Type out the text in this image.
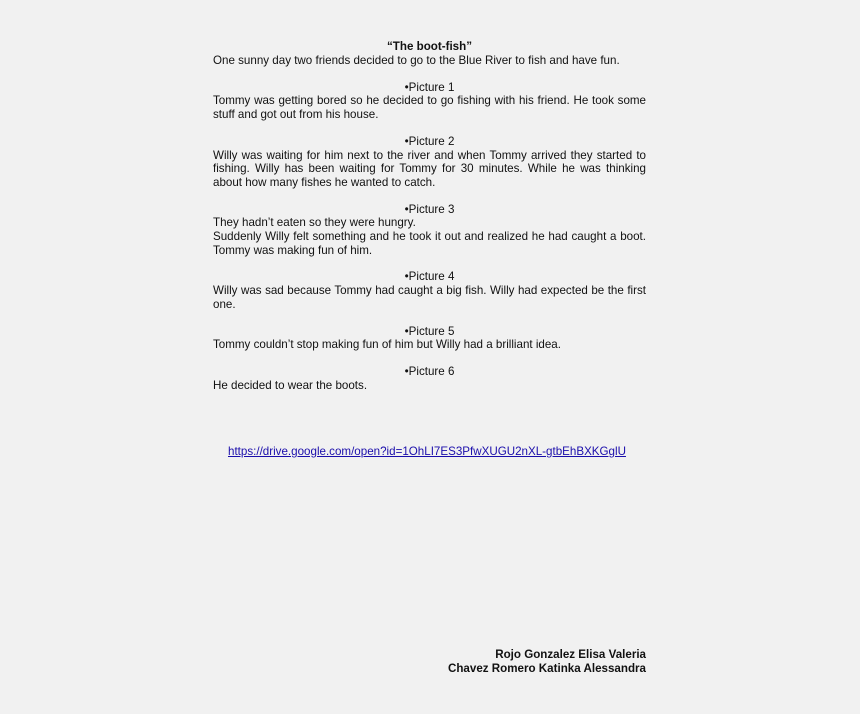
“The boot-fish”

One sunny day two friends decided to go to the Blue River to fish and have fun.

•Picture 1

Tommy was getting bored so he decided to go fishing with his friend. He took some stuff and got out from his house.

•Picture 2

Willy was waiting for him next to the river and when Tommy arrived they started to fishing. Willy has been waiting for Tommy for 30 minutes. While he was thinking about how many fishes he wanted to catch.

•Picture 3

They hadn’t eaten so they were hungry.

Suddenly Willy felt something and he took it out and realized he had caught a boot. Tommy was making fun of him.

•Picture 4

Willy was sad because Tommy had caught a big fish. Willy had expected be the first one.

•Picture 5

Tommy couldn’t stop making fun of him but Willy had a brilliant idea.

•Picture 6

He decided to wear the boots.

https://drive.google.com/open?id=1OhLI7ES3PfwXUGU2nXL-gtbEhBXKGglU
Rojo Gonzalez Elisa Valeria
Chavez Romero Katinka Alessandra
